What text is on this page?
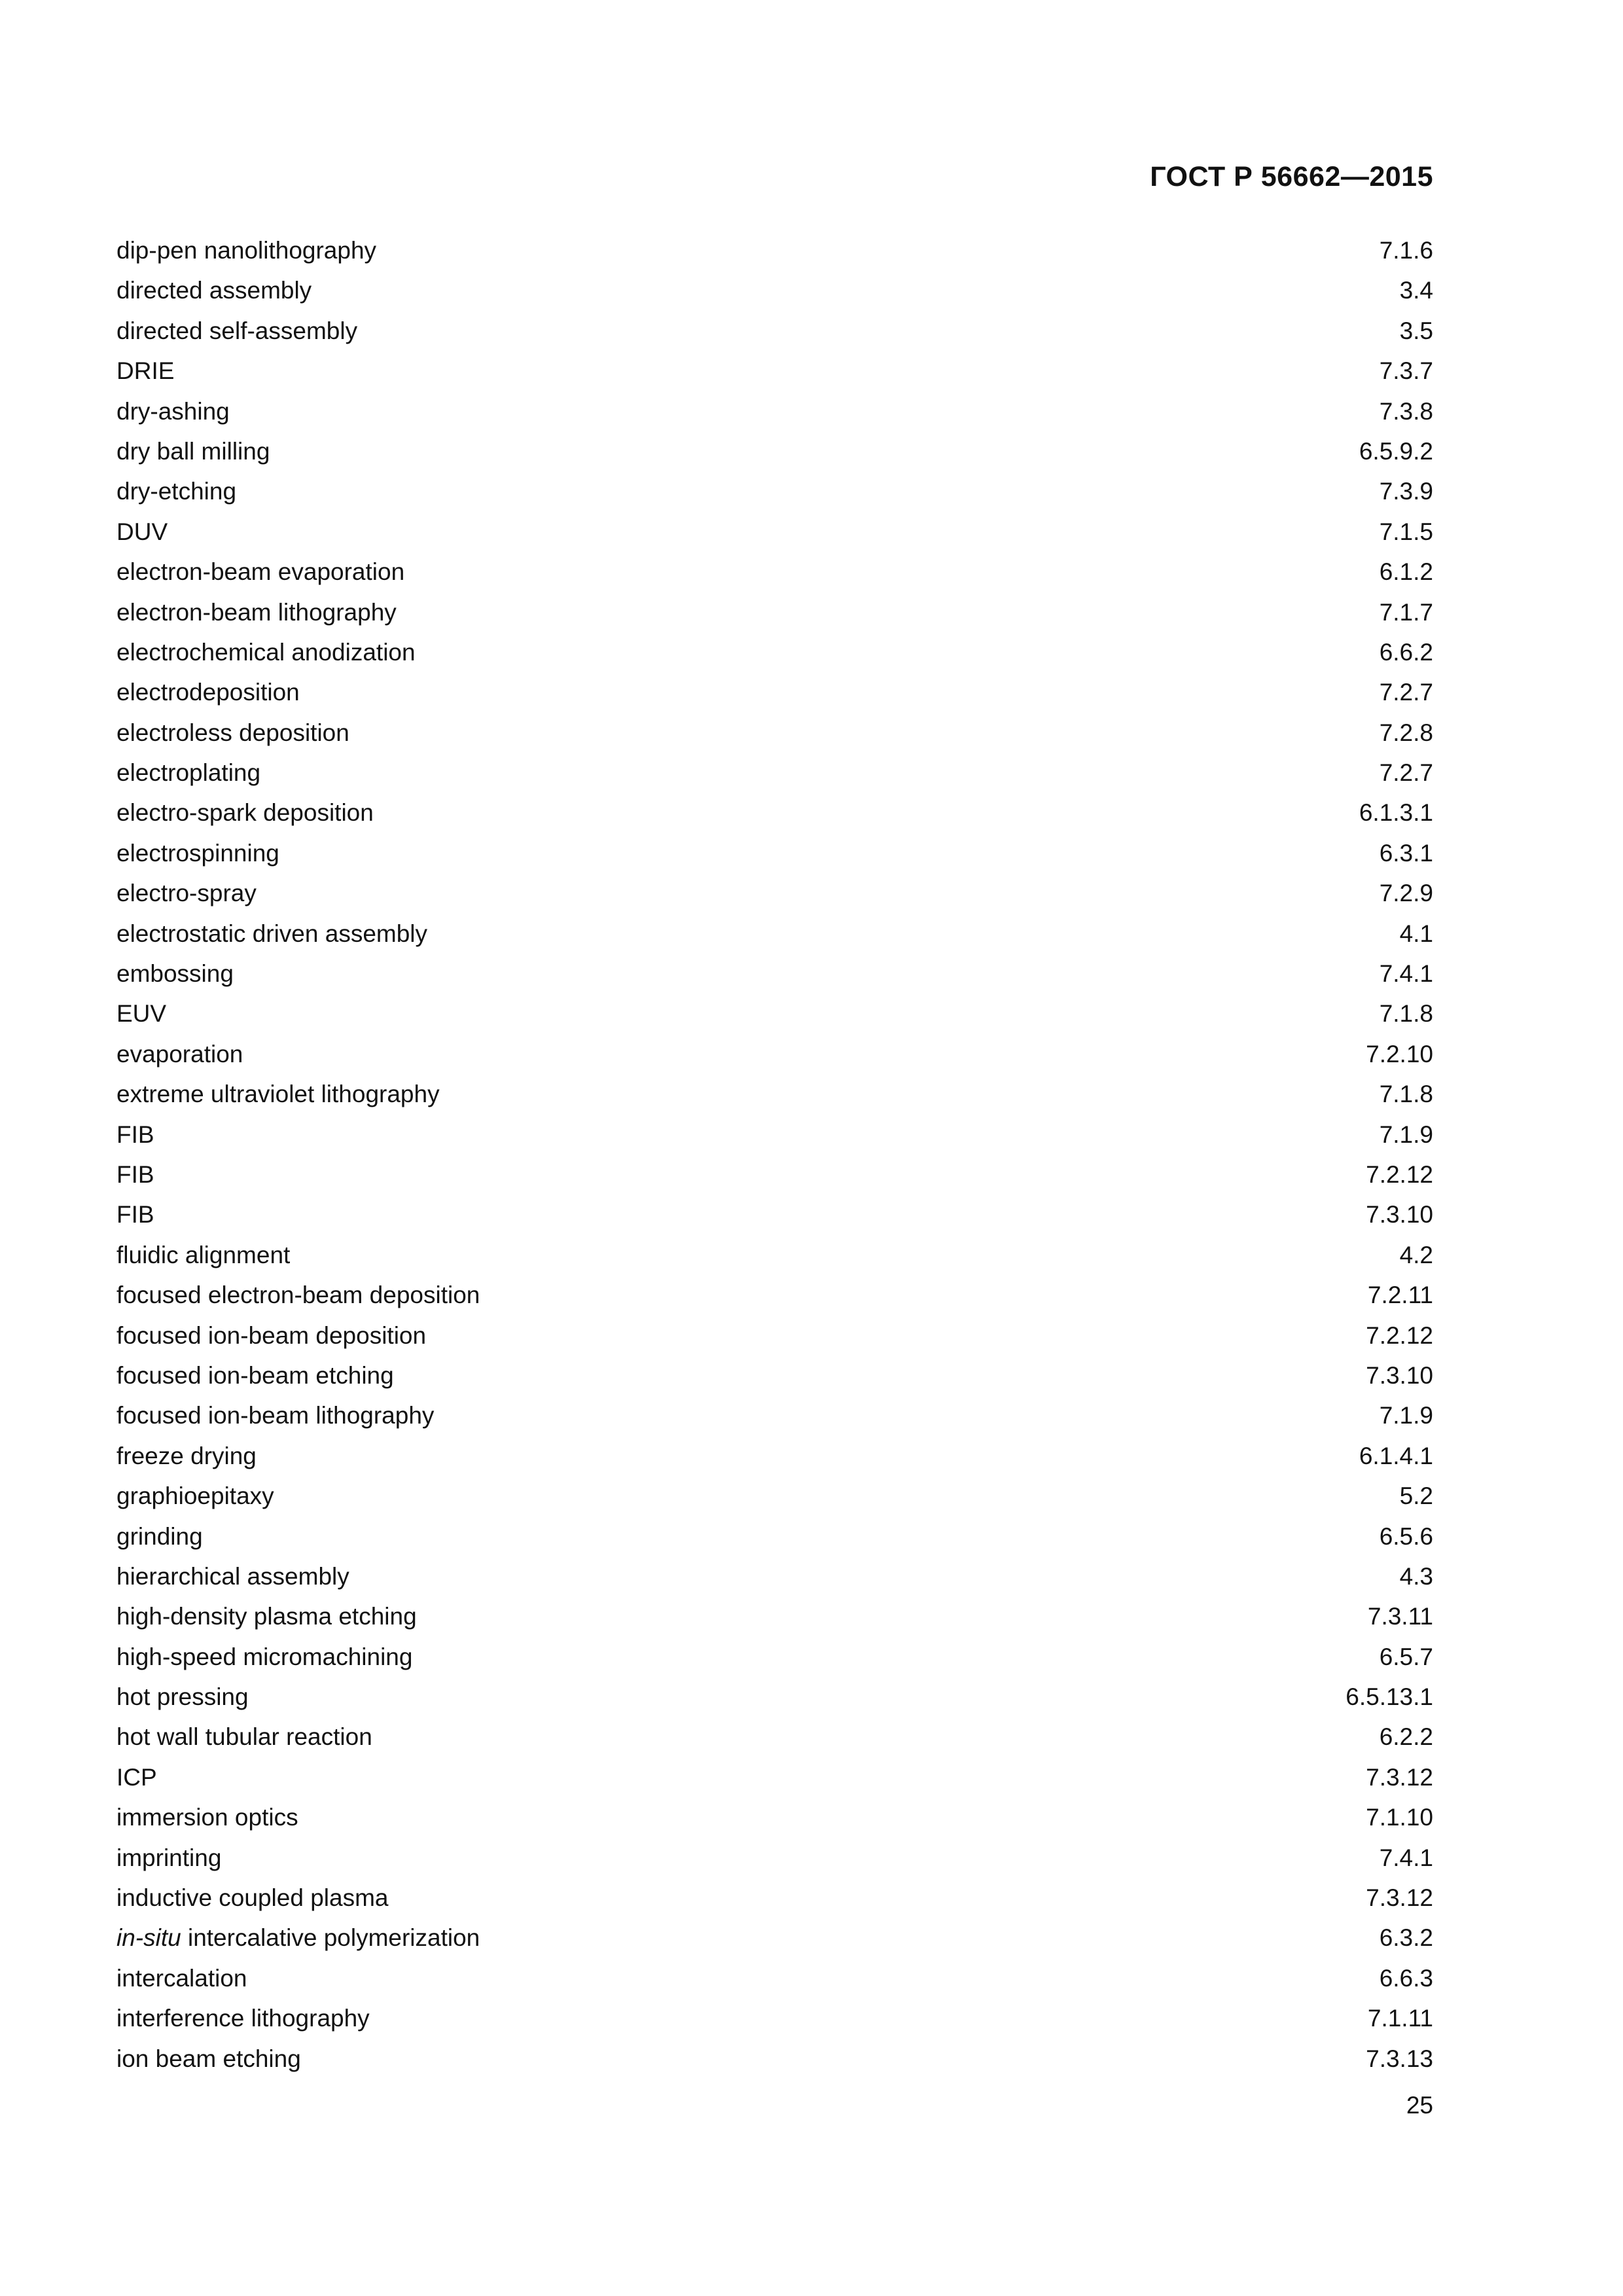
ГОСТ Р 56662—2015
dip-pen nanolithography	7.1.6
directed assembly	3.4
directed self-assembly	3.5
DRIE	7.3.7
dry-ashing	7.3.8
dry ball milling	6.5.9.2
dry-etching	7.3.9
DUV	7.1.5
electron-beam evaporation	6.1.2
electron-beam lithography	7.1.7
electrochemical anodization	6.6.2
electrodeposition	7.2.7
electroless deposition	7.2.8
electroplating	7.2.7
electro-spark deposition	6.1.3.1
electrospinning	6.3.1
electro-spray	7.2.9
electrostatic driven assembly	4.1
embossing	7.4.1
EUV	7.1.8
evaporation	7.2.10
extreme ultraviolet lithography	7.1.8
FIB	7.1.9
FIB	7.2.12
FIB	7.3.10
fluidic alignment	4.2
focused electron-beam deposition	7.2.11
focused ion-beam deposition	7.2.12
focused ion-beam etching	7.3.10
focused ion-beam lithography	7.1.9
freeze drying	6.1.4.1
graphioepitaxy	5.2
grinding	6.5.6
hierarchical assembly	4.3
high-density plasma etching	7.3.11
high-speed micromachining	6.5.7
hot pressing	6.5.13.1
hot wall tubular reaction	6.2.2
ICP	7.3.12
immersion optics	7.1.10
imprinting	7.4.1
inductive coupled plasma	7.3.12
in-situ intercalative polymerization	6.3.2
intercalation	6.6.3
interference lithography	7.1.11
ion beam etching	7.3.13
25
